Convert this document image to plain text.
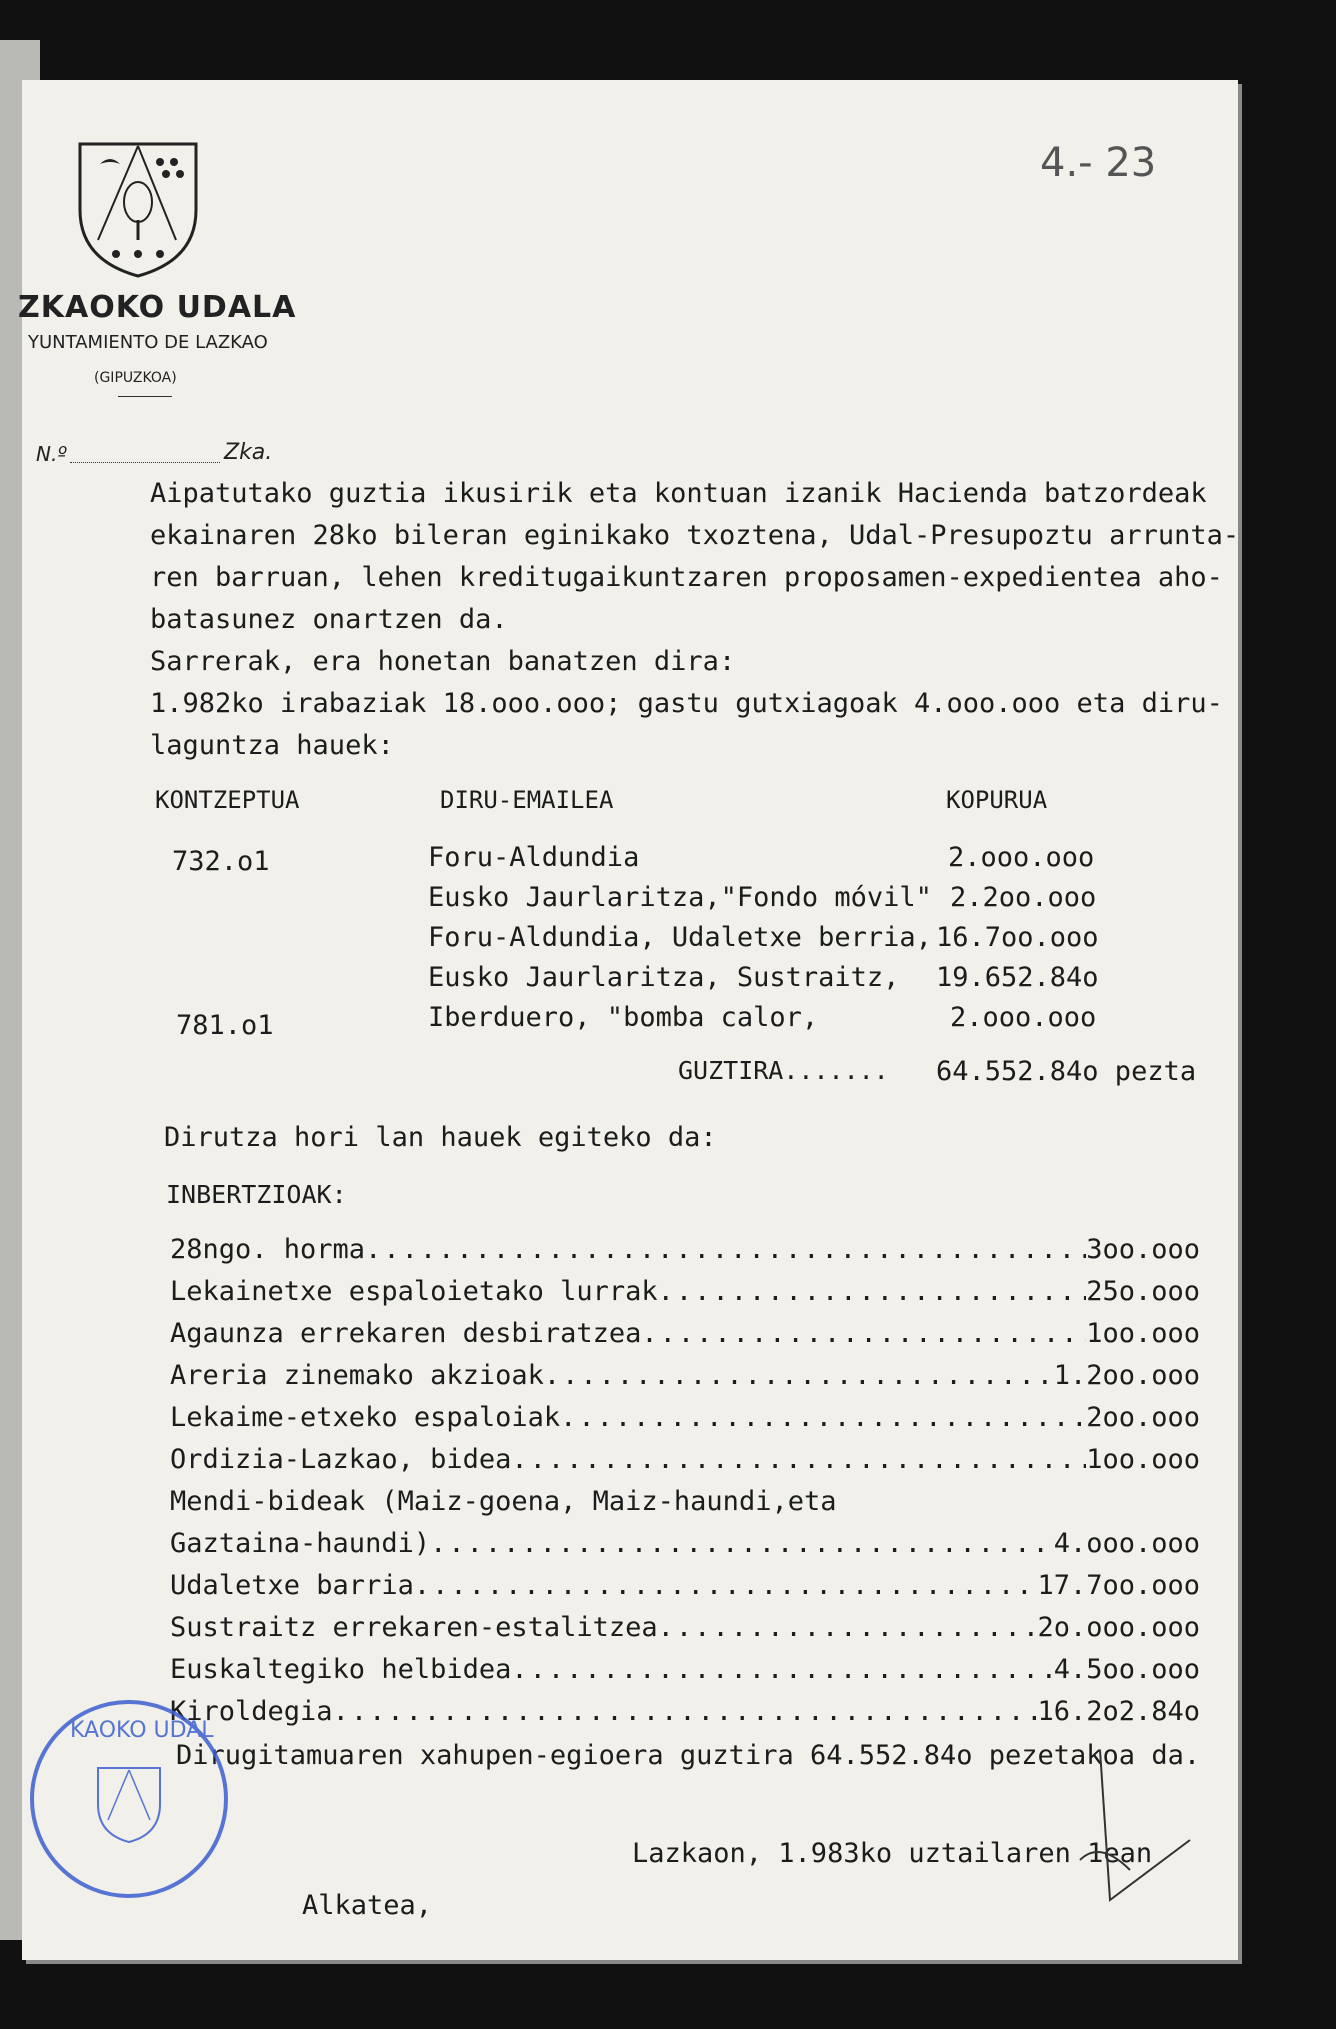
ZKAOKO UDALA
YUNTAMIENTO DE LAZKAO
(GIPUZKOA)
N.º	Zka.
4.- 23
Aipatutako guztia ikusirik eta kontuan izanik Hacienda batzordeak
ekainaren 28ko bileran eginikako txoztena, Udal-Presupoztu arrunta-
ren barruan, lehen kreditugaikuntzaren proposamen-expedientea aho-
batasunez onartzen da.
Sarrerak, era honetan banatzen dira:
1.982ko irabaziak 18.ooo.ooo; gastu gutxiagoak 4.ooo.ooo eta diru-
laguntza hauek:
KONTZEPTUA	DIRU-EMAILEA	KOPURUA
732.o1	Foru-Aldundia	2.ooo.ooo
Eusko Jaurlaritza,"Fondo móvil" 2.2oo.ooo
Foru-Aldundia, Udaletxe berria, 16.7oo.ooo
Eusko Jaurlaritza, Sustraitz, 19.652.84o
781.o1	Iberduero, "bomba calor,	2.ooo.ooo
GUZTIRA....... 64.552.84o pezta
Dirutza hori lan hauek egiteko da:
INBERTZIOAK:
28ngo. horma .....	3oo.ooo
Lekainetxe espaloietako lurrak .....	25o.ooo
Agaunza errekaren desbiratzea .....	1oo.ooo
Areria zinemako akzioak .....	1.2oo.ooo
Lekaime-etxeko espaloiak .....	2oo.ooo
Ordizia-Lazkao, bidea .....	1oo.ooo
Mendi-bideak (Maiz-goena, Maiz-haundi,eta
Gaztaina-haundi) .....	4.ooo.ooo
Udaletxe barria .....	17.7oo.ooo
Sustraitz errekaren-estalitzea .....	2o.ooo.ooo
Euskaltegiko helbidea .....	4.5oo.ooo
Kiroldegia .....	16.2o2.84o
Dirugitamuaren xahupen-egioera guztira 64.552.84o pezetakoa da.
Lazkaon, 1.983ko uztailaren 1ean
Alkatea,
KAOKO UDAL
